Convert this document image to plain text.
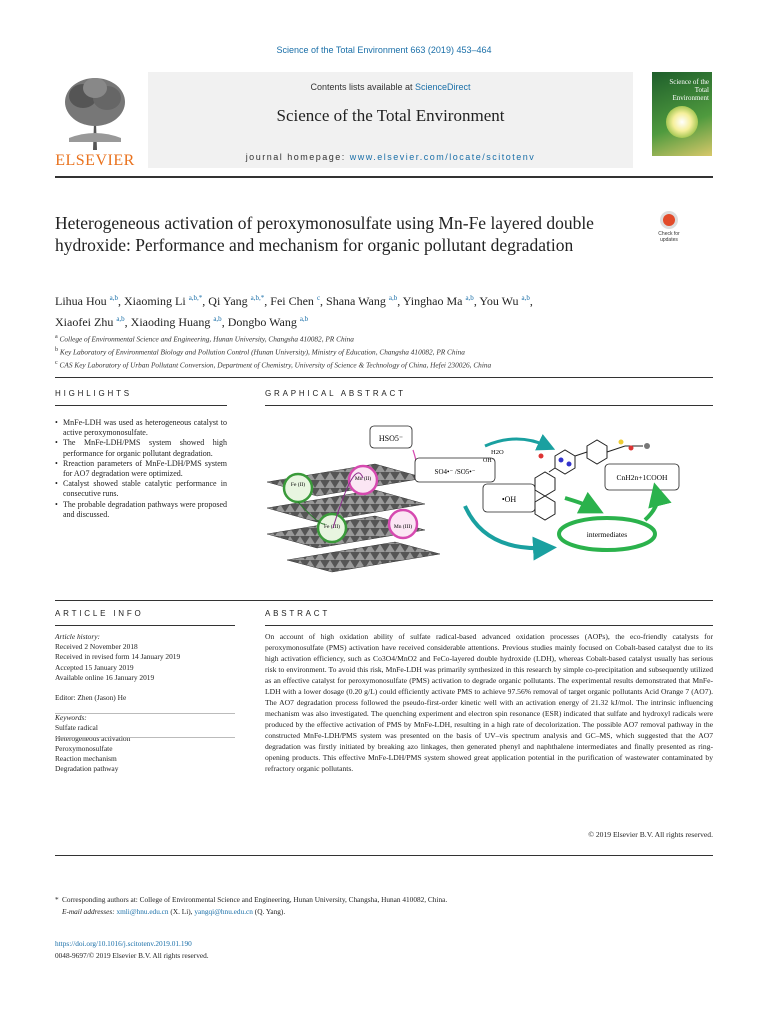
Science of the Total Environment 663 (2019) 453–464
ELSEVIER
Contents lists available at ScienceDirect
Science of the Total Environment
journal homepage: www.elsevier.com/locate/scitotenv
Science of the Total Environment
Heterogeneous activation of peroxymonosulfate using Mn-Fe layered double hydroxide: Performance and mechanism for organic pollutant degradation
Check for updates
Lihua Hou $^{a,b}$, Xiaoming Li $^{a,b,*}$, Qi Yang $^{a,b,*}$, Fei Chen $^c$, Shana Wang $^{a,b}$, Yinghao Ma $^{a,b}$, You Wu $^{a,b}$,
Xiaofei Zhu $^{a,b}$, Xiaoding Huang $^{a,b}$, Dongbo Wang $^{a,b}$
$^a$ College of Environmental Science and Engineering, Hunan University, Changsha 410082, PR China
$^b$ Key Laboratory of Environmental Biology and Pollution Control (Hunan University), Ministry of Education, Changsha 410082, PR China
$^c$ CAS Key Laboratory of Urban Pollutant Conversion, Department of Chemistry, University of Science & Technology of China, Hefei 230026, China
HIGHLIGHTS
• MnFe-LDH was used as heterogeneous catalyst to active peroxymonosulfate.
• The MnFe-LDH/PMS system showed high performance for organic pollutant degradation.
• Rreaction parameters of MnFe-LDH/PMS system for AO7 degradation were optimized.
• Catalyst showed stable catalytic performance in consecutive runs.
• The probable degradation pathways were proposed and discussed.
GRAPHICAL ABSTRACT
Fe (II)
Mn (II)
Fe (III)	Mn (III)
HSO5⁻
SO4•⁻ /SO5•⁻
H2O
OH⁻
•OH
CnH2n+1COOH
intermediates
ARTICLE INFO
Article history:
Received 2 November 2018
Received in revised form 14 January 2019
Accepted 15 January 2019
Available online 16 January 2019
Editor: Zhen (Jason) He
Keywords:
Sulfate radical
Heterogeneous activation
Peroxymonosulfate
Reaction mechanism
Degradation pathway
ABSTRACT
On account of high oxidation ability of sulfate radical-based advanced oxidation processes (AOPs), the eco-friendly catalysts for peroxymonosulfate (PMS) activation have received considerable attentions. Previous studies mainly focused on Cobalt-based catalyst due to its high activation efficiency, such as Co3O4/MnO2 and FeCo-layered double hydroxide (LDH), whereas Cobalt-based catalyst usually has serious risk to environment. To avoid this risk, MnFe-LDH was primarily synthesized in this research by simple co-precipitation and subsequently utilized as an effective catalyst for peroxymonosulfate (PMS) activation to degrade organic pollutants. The experimental results demonstrated that MnFe-LDH with a lower dosage (0.20 g/L) could efficiently activate PMS to achieve 97.56% removal of target organic pollutants Acid Orange 7 (AO7). The AO7 degradation process followed the pseudo-first-order kinetic well with an activation energy of 21.32 kJ/mol. The intrinsic influencing mechanism was also investigated. The quenching experiment and electron spin resonance (ESR) indicated that sulfate and hydroxyl radicals were produced by the effective activation of PMS by MnFe-LDH, resulting in a high rate of decolorization. The possible AO7 removal pathway in the constructed MnFe-LDH/PMS system was presented on the basis of UV–vis spectrum analysis and GC–MS, which suggested that the AO7 degradation was firstly initiated by breaking azo linkages, then generated phenyl and naphthalene intermediates and finally presented as ring-opening products. This effective MnFe-LDH/PMS system showed great application potential in the purification of wastewater contaminated by refractory organic pollutants.
© 2019 Elsevier B.V. All rights reserved.
* Corresponding authors at: College of Environmental Science and Engineering, Hunan University, Changsha, Hunan 410082, China.
E-mail addresses: xmli@hnu.edu.cn (X. Li), yangqi@hnu.edu.cn (Q. Yang).
https://doi.org/10.1016/j.scitotenv.2019.01.190
0048-9697/© 2019 Elsevier B.V. All rights reserved.
